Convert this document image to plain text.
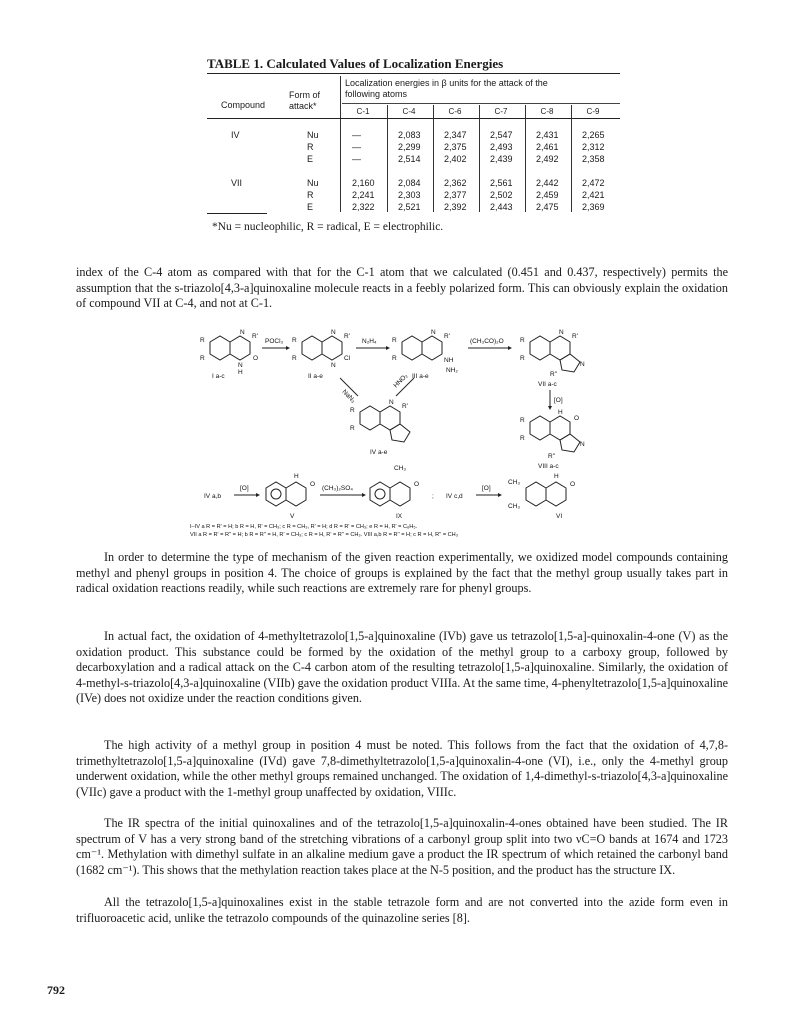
TABLE 1. Calculated Values of Localization Energies
Compound
Form of
attack*
Localization energies in β units for the attack of the
following atoms
C-1	C-4	C-6	C-7	C-8	C-9
IV	Nu	—	2,083	2,347	2,547	2,431	2,265
R	—	2,299	2,375	2,493	2,461	2,312
E	—	2,514	2,402	2,439	2,492	2,358
VII	Nu	2,160	2,084	2,362	2,561	2,442	2,472
R	2,241	2,303	2,377	2,502	2,459	2,421
E	2,322	2,521	2,392	2,443	2,475	2,369
*Nu = nucleophilic, R = radical, E = electrophilic.
index of the C-4 atom as compared with that for the C-1 atom that we calculated (0.451 and 0.437, respectively) permits the assumption that the s-triazolo[4,3-a]quinoxaline molecule reacts in a feebly polarized form. This can obviously explain the oxidation of compound VII at C-4, and not at C-1.
R
R
N
R'
N
O
H
I a-c
POCl₃ R
R
N
R'
N
Cl
II a-e
N₂H₄ R
R
N
R'
NH
NH₂
III a-e
(CH₃CO)₂O	R
R
N
R'
N
R''
VII a-c
[O]
R
R
H
O
N
R''
VIII a-c
NaN₃
HNO₂
R
R
N
R'
IV a-e
IV a,b
[O]
H
O
V
(CH₃)₂SO₄
CH₃
O
IX
; IV c,d
[O]
CH₃
CH₃
H
O
VI
I–IV a R = R' = H; b R = H, R' = CH₃; c R = CH₃, R' = H; d R = R' = CH₃; e R = H, R' = C₆H₅.
VII a R = R' = R'' = H; b R = R'' = H, R' = CH₃; c R = H, R' = R'' = CH₃. VIII a,b R = R'' = H; c R = H, R'' = CH₃
In order to determine the type of mechanism of the given reaction experimentally, we oxidized model compounds containing methyl and phenyl groups in position 4. The choice of groups is explained by the fact that the methyl group usually takes part in radical oxidation reactions readily, while such reactions are extremely rare for phenyl groups.
In actual fact, the oxidation of 4-methyltetrazolo[1,5-a]quinoxaline (IVb) gave us tetrazolo[1,5-a]-quinoxalin-4-one (V) as the oxidation product. This substance could be formed by the oxidation of the methyl group to a carboxy group, followed by decarboxylation and a radical attack on the C-4 carbon atom of the resulting tetrazolo[1,5-a]quinoxaline. Similarly, the oxidation of 4-methyl-s-triazolo[4,3-a]quinoxaline (VIIb) gave the oxidation product VIIIa. At the same time, 4-phenyltetrazolo[1,5-a]quinoxaline (IVe) does not oxidize under the reaction conditions given.
The high activity of a methyl group in position 4 must be noted. This follows from the fact that the oxidation of 4,7,8-trimethyltetrazolo[1,5-a]quinoxaline (IVd) gave 7,8-dimethyltetrazolo[1,5-a]quinoxalin-4-one (VI), i.e., only the 4-methyl group underwent oxidation, while the other methyl groups remained unchanged. The oxidation of 1,4-dimethyl-s-triazolo[4,3-a]quinoxaline (VIIc) gave a product with the 1-methyl group unaffected by oxidation, VIIIc.
The IR spectra of the initial quinoxalines and of the tetrazolo[1,5-a]quinoxalin-4-ones obtained have been studied. The IR spectrum of V has a very strong band of the stretching vibrations of a carbonyl group split into two νC=O bands at 1674 and 1723 cm⁻¹. Methylation with dimethyl sulfate in an alkaline medium gave a product the IR spectrum of which retained the carbonyl band (1682 cm⁻¹). This shows that the methylation reaction takes place at the N-5 position, and the product has the structure IX.
All the tetrazolo[1,5-a]quinoxalines exist in the stable tetrazole form and are not converted into the azide form even in trifluoroacetic acid, unlike the tetrazolo compounds of the quinazoline series [8].
792
